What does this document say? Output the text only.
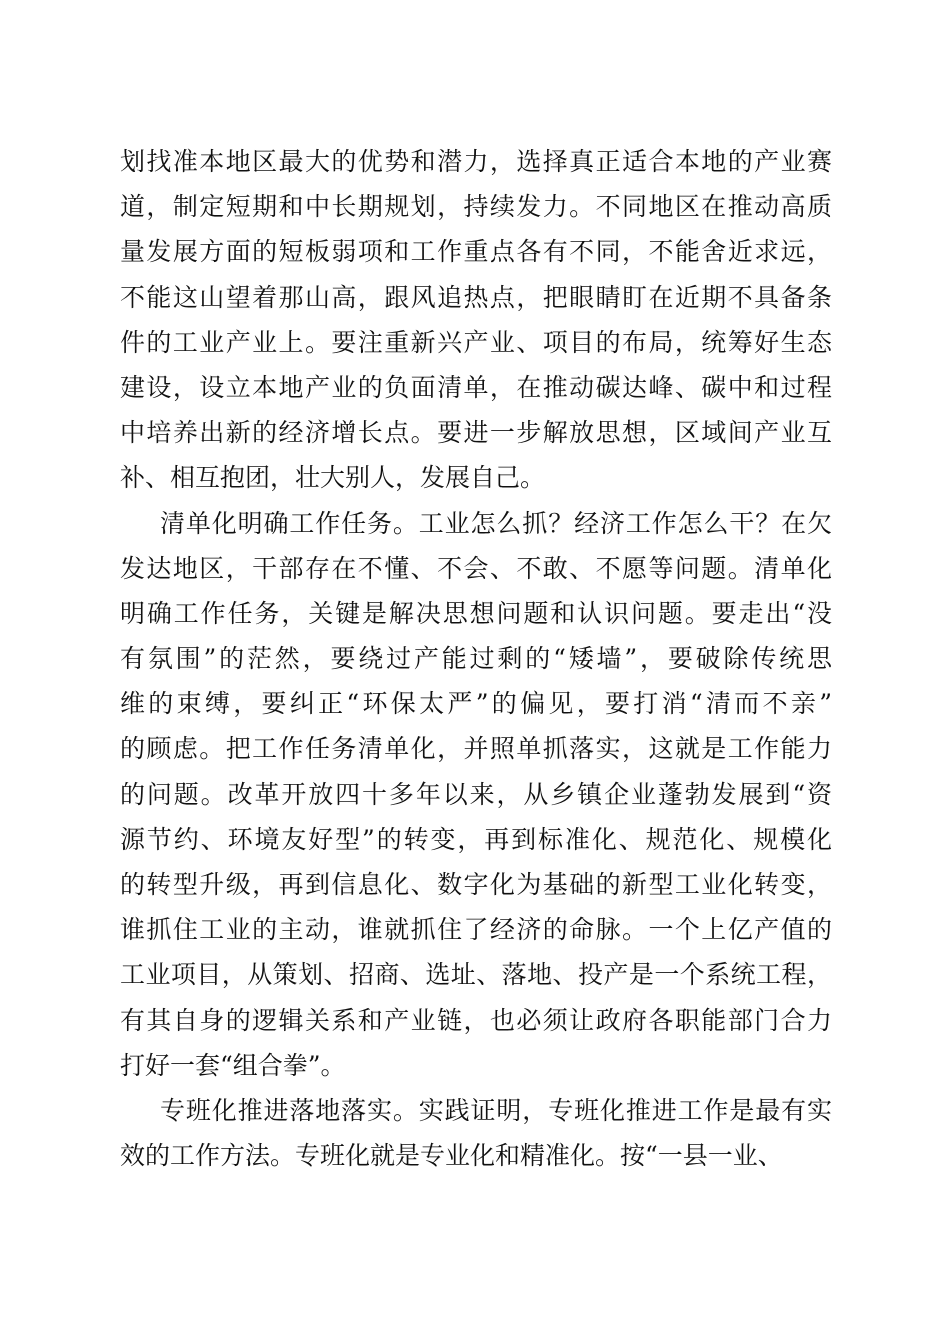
划找准本地区最大的优势和潜力，选择真正适合本地的产业赛
道，制定短期和中长期规划，持续发力。不同地区在推动高质
量发展方面的短板弱项和工作重点各有不同，不能舍近求远，
不能这山望着那山高，跟风追热点，把眼睛盯在近期不具备条
件的工业产业上。要注重新兴产业、项目的布局，统筹好生态
建设，设立本地产业的负面清单，在推动碳达峰、碳中和过程
中培养出新的经济增长点。要进一步解放思想，区域间产业互
补、相互抱团，壮大别人，发展自己。
清单化明确工作任务。工业怎么抓？经济工作怎么干？在欠
发达地区，干部存在不懂、不会、不敢、不愿等问题。清单化
明确工作任务，关键是解决思想问题和认识问题。要走出“没
有氛围”的茫然，要绕过产能过剩的“矮墙”，要破除传统思
维的束缚，要纠正“环保太严”的偏见，要打消“清而不亲”
的顾虑。把工作任务清单化，并照单抓落实，这就是工作能力
的问题。改革开放四十多年以来，从乡镇企业蓬勃发展到“资
源节约、环境友好型”的转变，再到标准化、规范化、规模化
的转型升级，再到信息化、数字化为基础的新型工业化转变，
谁抓住工业的主动，谁就抓住了经济的命脉。一个上亿产值的
工业项目，从策划、招商、选址、落地、投产是一个系统工程，
有其自身的逻辑关系和产业链，也必须让政府各职能部门合力
打好一套“组合拳”。
专班化推进落地落实。实践证明，专班化推进工作是最有实
效的工作方法。专班化就是专业化和精准化。按“一县一业、
